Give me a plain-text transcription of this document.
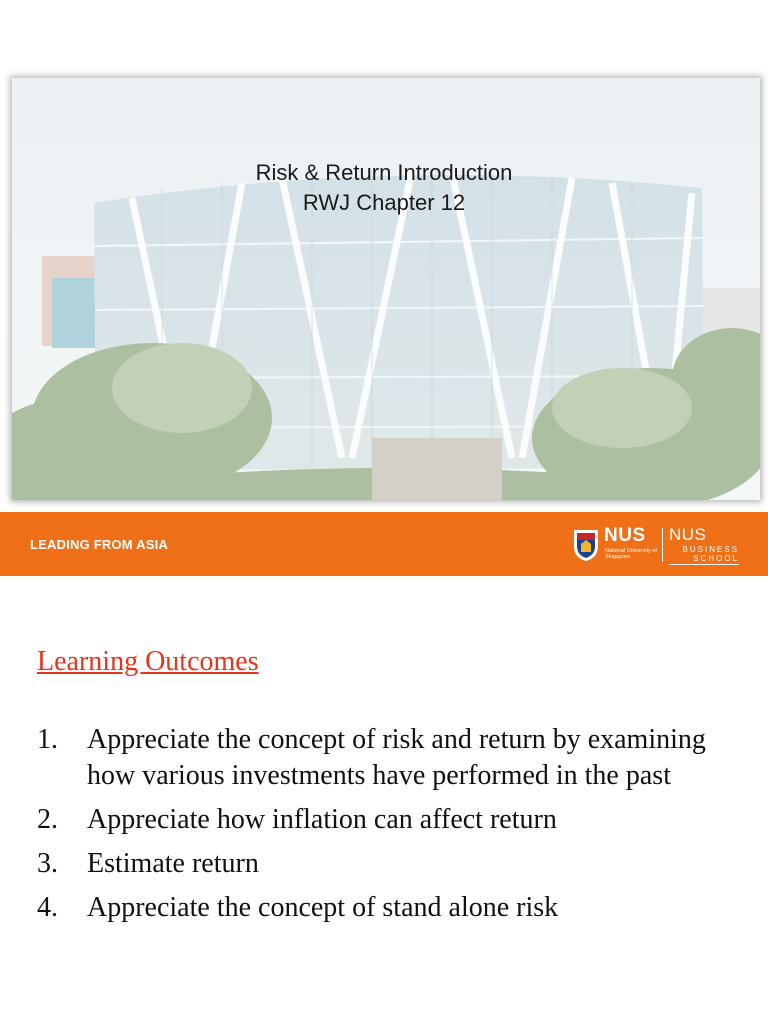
Risk & Return Introduction
RWJ Chapter 12
LEADING FROM ASIA	NUS
National University of Singapore
NUS
BUSINESS SCHOOL
Learning Outcomes
1. Appreciate the concept of risk and return by examining how various investments have performed in the past
2. Appreciate how inflation can affect return
3. Estimate return
4. Appreciate the concept of stand alone risk
